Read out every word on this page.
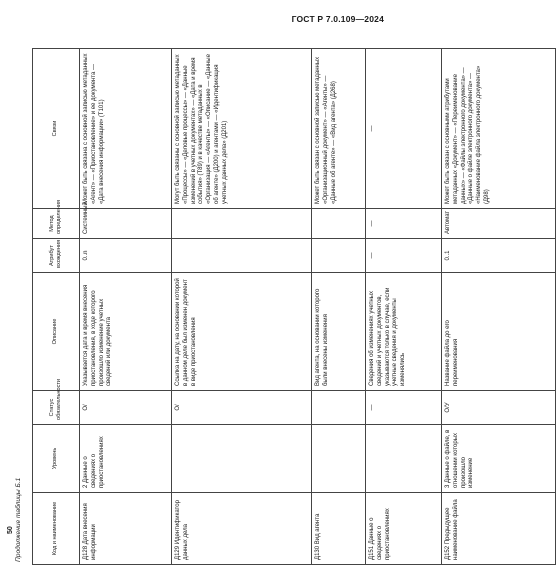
ГОСТ Р 7.0.109—2024
50 Продолжение таблицы Б.1	Код и наименование	Уровень	Статус обязательности	Описание	Атрибут вхождения	Метод определения	Связи
Д128 Дата внесения информации	2 Данные о сведениях о приостановлениях	О/	Указывается дата и время внесения приостановления, в ходе которого произошло изменение учетных сведений или документа	0..n	Системный	Может быть связана с основной записью метаданных «Агент» — «Приостановление» и ее документа — «Дата внесения информации» (Т101)
Д129 Идентификатор данных дела		О/	Ссылка на дату, на основании которой в данном деле был изменен документ в виде приостановления			Могут быть связаны с основной записью метаданных «Процессы» — «Деловые процессы» — «Данные изменений в учетных документах» — «Дата и время события» (Т89) и в качестве метаданных в «Организация — «Агенты» — «Описание — «Данные об агенте» (Д200) и агентами — «Идентификация учетных данных дела» (Д201)
Д130 Вид агента			Вид агента, на основании которого были внесены изменения			Может быть связан с основной записью метаданных «Организационный документ» — «Агенты» — «Данные об агенте» — «Вид агента» (Д268)
Д151 Данные о сведениях о приостановлениях		—	Сведения об изменениях учетных сведений и учетных документов, указываются только в случае, если учетные сведения и документы изменялись	—	—	—
Д152 Предыдущее наименование файла	3 Данные о файле, в отношении которых произошло изменение	О/У	Название файла до его переименования	0..1	Автомат	Может быть связан с основными атрибутами метаданных «Документ» — «Переименование данных» — «Файлы электронного документа» — «Данные о файле электронного документа» — «Наименование файла электронного документа» (Д98)
